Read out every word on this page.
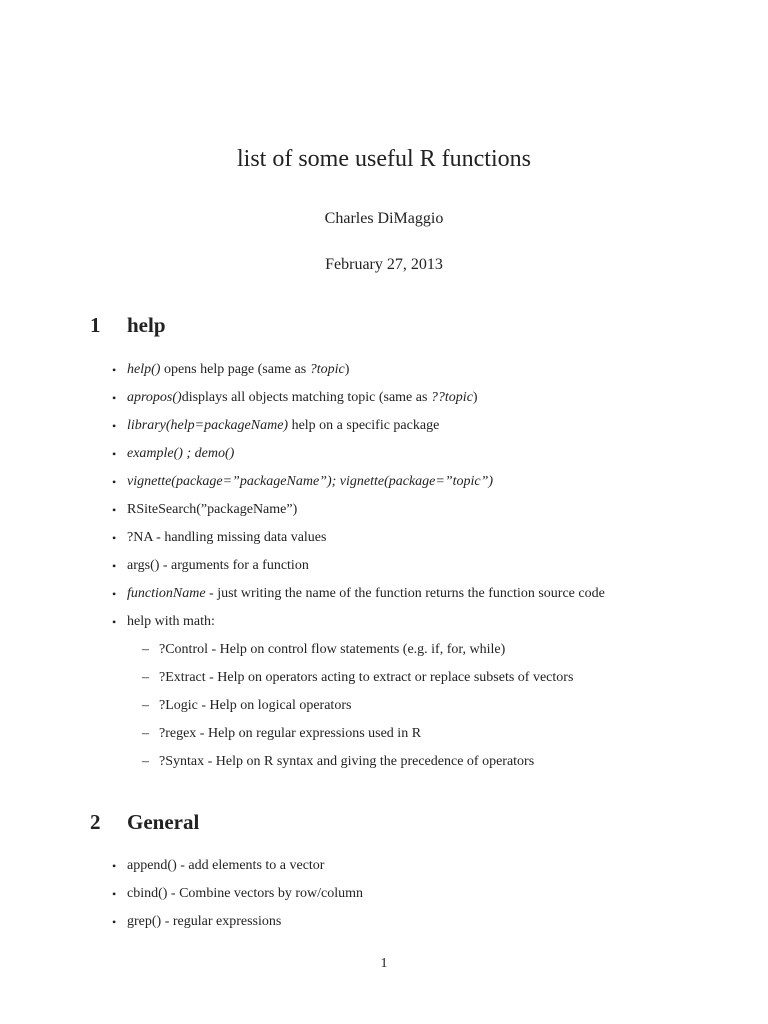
list of some useful R functions
Charles DiMaggio
February 27, 2013
1 help
• help() opens help page (same as ?topic)
• apropos()displays all objects matching topic (same as ??topic)
• library(help=packageName) help on a specific package
• example() ; demo()
• vignette(package=”packageName”); vignette(package=”topic”)
• RSiteSearch(”packageName”)
• ?NA - handling missing data values
• args() - arguments for a function
• functionName - just writing the name of the function returns the function source code
• help with math:
– ?Control - Help on control flow statements (e.g. if, for, while)
– ?Extract - Help on operators acting to extract or replace subsets of vectors
– ?Logic - Help on logical operators
– ?regex - Help on regular expressions used in R
– ?Syntax - Help on R syntax and giving the precedence of operators
2 General
• append() - add elements to a vector
• cbind() - Combine vectors by row/column
• grep() - regular expressions
1
